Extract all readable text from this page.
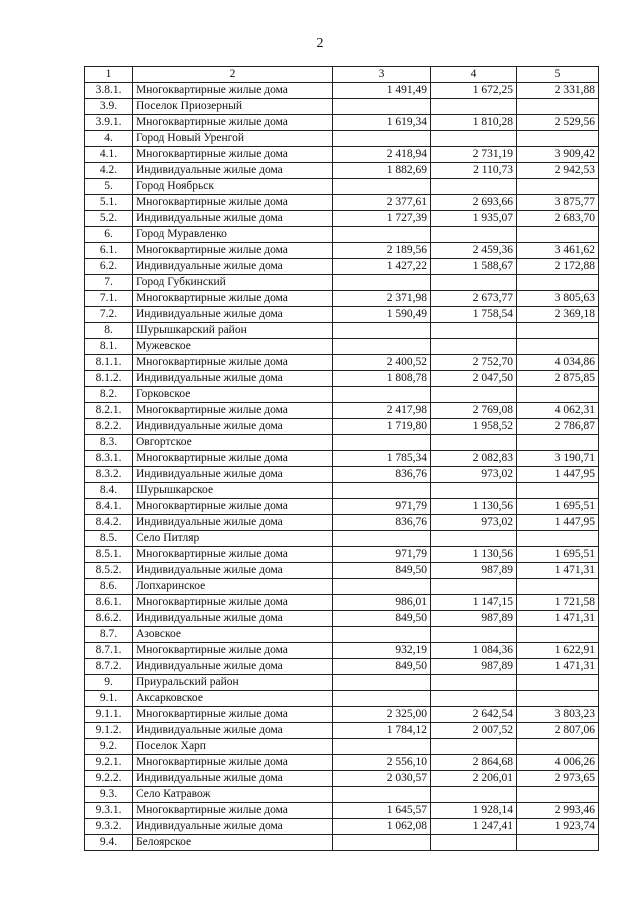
2
1	2	3	4	5
3.8.1.	Многоквартирные жилые дома	1 491,49	1 672,25	2 331,88
3.9.	Поселок Приозерный			
3.9.1.	Многоквартирные жилые дома	1 619,34	1 810,28	2 529,56
4.	Город Новый Уренгой			
4.1.	Многоквартирные жилые дома	2 418,94	2 731,19	3 909,42
4.2.	Индивидуальные жилые дома	1 882,69	2 110,73	2 942,53
5.	Город Ноябрьск			
5.1.	Многоквартирные жилые дома	2 377,61	2 693,66	3 875,77
5.2.	Индивидуальные жилые дома	1 727,39	1 935,07	2 683,70
6.	Город Муравленко			
6.1.	Многоквартирные жилые дома	2 189,56	2 459,36	3 461,62
6.2.	Индивидуальные жилые дома	1 427,22	1 588,67	2 172,88
7.	Город Губкинский			
7.1.	Многоквартирные жилые дома	2 371,98	2 673,77	3 805,63
7.2.	Индивидуальные жилые дома	1 590,49	1 758,54	2 369,18
8.	Шурышкарский район			
8.1.	Мужевское			
8.1.1.	Многоквартирные жилые дома	2 400,52	2 752,70	4 034,86
8.1.2.	Индивидуальные жилые дома	1 808,78	2 047,50	2 875,85
8.2.	Горковское			
8.2.1.	Многоквартирные жилые дома	2 417,98	2 769,08	4 062,31
8.2.2.	Индивидуальные жилые дома	1 719,80	1 958,52	2 786,87
8.3.	Овгортское			
8.3.1.	Многоквартирные жилые дома	1 785,34	2 082,83	3 190,71
8.3.2.	Индивидуальные жилые дома	836,76	973,02	1 447,95
8.4.	Шурышкарское			
8.4.1.	Многоквартирные жилые дома	971,79	1 130,56	1 695,51
8.4.2.	Индивидуальные жилые дома	836,76	973,02	1 447,95
8.5.	Село Питляр			
8.5.1.	Многоквартирные жилые дома	971,79	1 130,56	1 695,51
8.5.2.	Индивидуальные жилые дома	849,50	987,89	1 471,31
8.6.	Лопхаринское			
8.6.1.	Многоквартирные жилые дома	986,01	1 147,15	1 721,58
8.6.2.	Индивидуальные жилые дома	849,50	987,89	1 471,31
8.7.	Азовское			
8.7.1.	Многоквартирные жилые дома	932,19	1 084,36	1 622,91
8.7.2.	Индивидуальные жилые дома	849,50	987,89	1 471,31
9.	Приуральский район			
9.1.	Аксарковское			
9.1.1.	Многоквартирные жилые дома	2 325,00	2 642,54	3 803,23
9.1.2.	Индивидуальные жилые дома	1 784,12	2 007,52	2 807,06
9.2.	Поселок Харп			
9.2.1.	Многоквартирные жилые дома	2 556,10	2 864,68	4 006,26
9.2.2.	Индивидуальные жилые дома	2 030,57	2 206,01	2 973,65
9.3.	Село Катравож			
9.3.1.	Многоквартирные жилые дома	1 645,57	1 928,14	2 993,46
9.3.2.	Индивидуальные жилые дома	1 062,08	1 247,41	1 923,74
9.4.	Белоярское			
